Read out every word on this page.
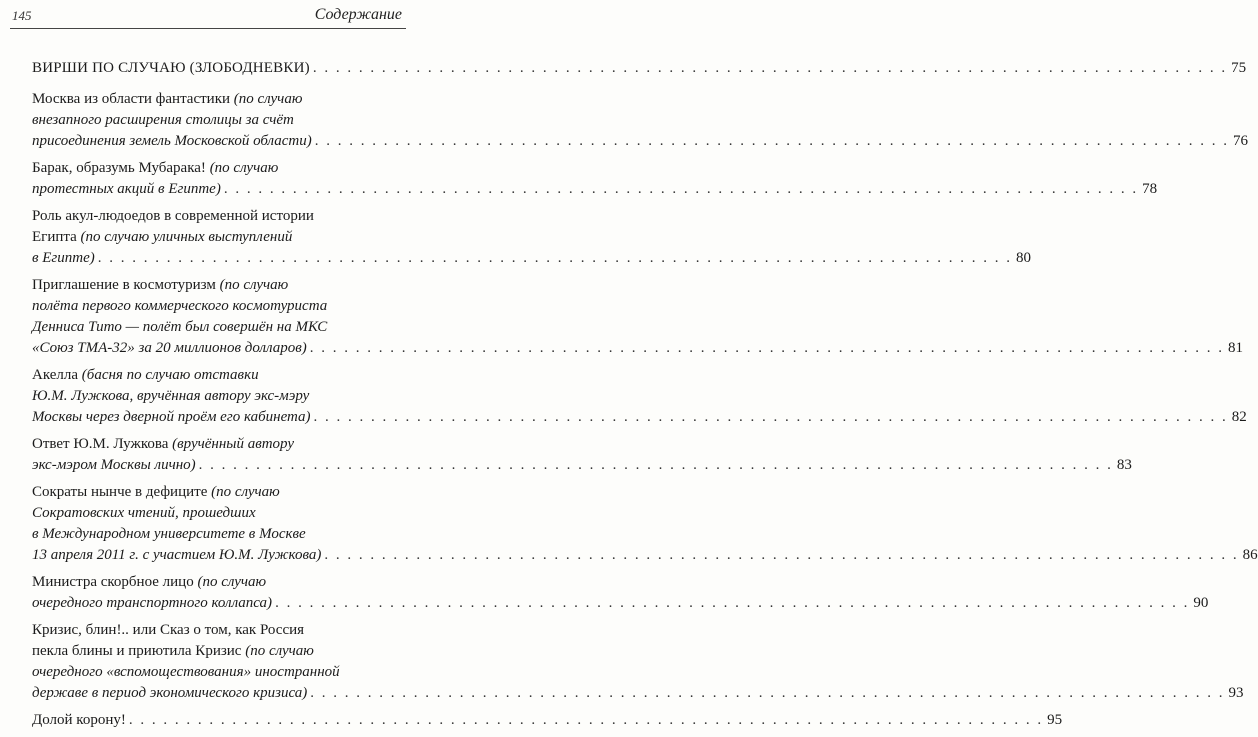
145	Содержание
ВИРШИ ПО СЛУЧАЮ (ЗЛОБОДНЕВКИ) . . . . . . . . . . . . . . . . . . . . . . . . . . . . . . . . . . . . . . . . . . . . . . . . . . . . . . . . . . . . . . . . . . . . . . . . . . . . . . . . 75
Москва из области фантастики (по случаю
внезапного расширения столицы за счёт
присоединения земель Московской области) . . . . . . . . . . . . . . . . . . . . . . . . . . . . . . . . . . . . . . . . . . . . . . . . . . . . . . . . . . . . . . . . . . . . . . . . . . . . . . . . 76
Барак, образумь Мубарака! (по случаю
протестных акций в Египте) . . . . . . . . . . . . . . . . . . . . . . . . . . . . . . . . . . . . . . . . . . . . . . . . . . . . . . . . . . . . . . . . . . . . . . . . . . . . . . . . 78
Роль акул-людоедов в современной истории
Египта (по случаю уличных выступлений
в Египте) . . . . . . . . . . . . . . . . . . . . . . . . . . . . . . . . . . . . . . . . . . . . . . . . . . . . . . . . . . . . . . . . . . . . . . . . . . . . . . . . 80
Приглашение в космотуризм (по случаю
полёта первого коммерческого космотуриста
Денниса Тито — полёт был совершён на МКС
«Союз ТМА-32» за 20 миллионов долларов) . . . . . . . . . . . . . . . . . . . . . . . . . . . . . . . . . . . . . . . . . . . . . . . . . . . . . . . . . . . . . . . . . . . . . . . . . . . . . . . . 81
Акелла (басня по случаю отставки
Ю.М. Лужкова, вручённая автору экс-мэру
Москвы через дверной проём его кабинета) . . . . . . . . . . . . . . . . . . . . . . . . . . . . . . . . . . . . . . . . . . . . . . . . . . . . . . . . . . . . . . . . . . . . . . . . . . . . . . . . 82
Ответ Ю.М. Лужкова (вручённый автору
экс-мэром Москвы лично) . . . . . . . . . . . . . . . . . . . . . . . . . . . . . . . . . . . . . . . . . . . . . . . . . . . . . . . . . . . . . . . . . . . . . . . . . . . . . . . . 83
Сократы нынче в дефиците (по случаю
Сократовских чтений, прошедших
в Международном университете в Москве
13 апреля 2011 г. с участием Ю.М. Лужкова) . . . . . . . . . . . . . . . . . . . . . . . . . . . . . . . . . . . . . . . . . . . . . . . . . . . . . . . . . . . . . . . . . . . . . . . . . . . . . . . . 86
Министра скорбное лицо (по случаю
очередного транспортного коллапса) . . . . . . . . . . . . . . . . . . . . . . . . . . . . . . . . . . . . . . . . . . . . . . . . . . . . . . . . . . . . . . . . . . . . . . . . . . . . . . . . 90
Кризис, блин!.. или Сказ о том, как Россия
пекла блины и приютила Кризис (по случаю
очередного «вспомоществования» иностранной
державе в период экономического кризиса) . . . . . . . . . . . . . . . . . . . . . . . . . . . . . . . . . . . . . . . . . . . . . . . . . . . . . . . . . . . . . . . . . . . . . . . . . . . . . . . . 93
Долой корону! . . . . . . . . . . . . . . . . . . . . . . . . . . . . . . . . . . . . . . . . . . . . . . . . . . . . . . . . . . . . . . . . . . . . . . . . . . . . . . . . 95
